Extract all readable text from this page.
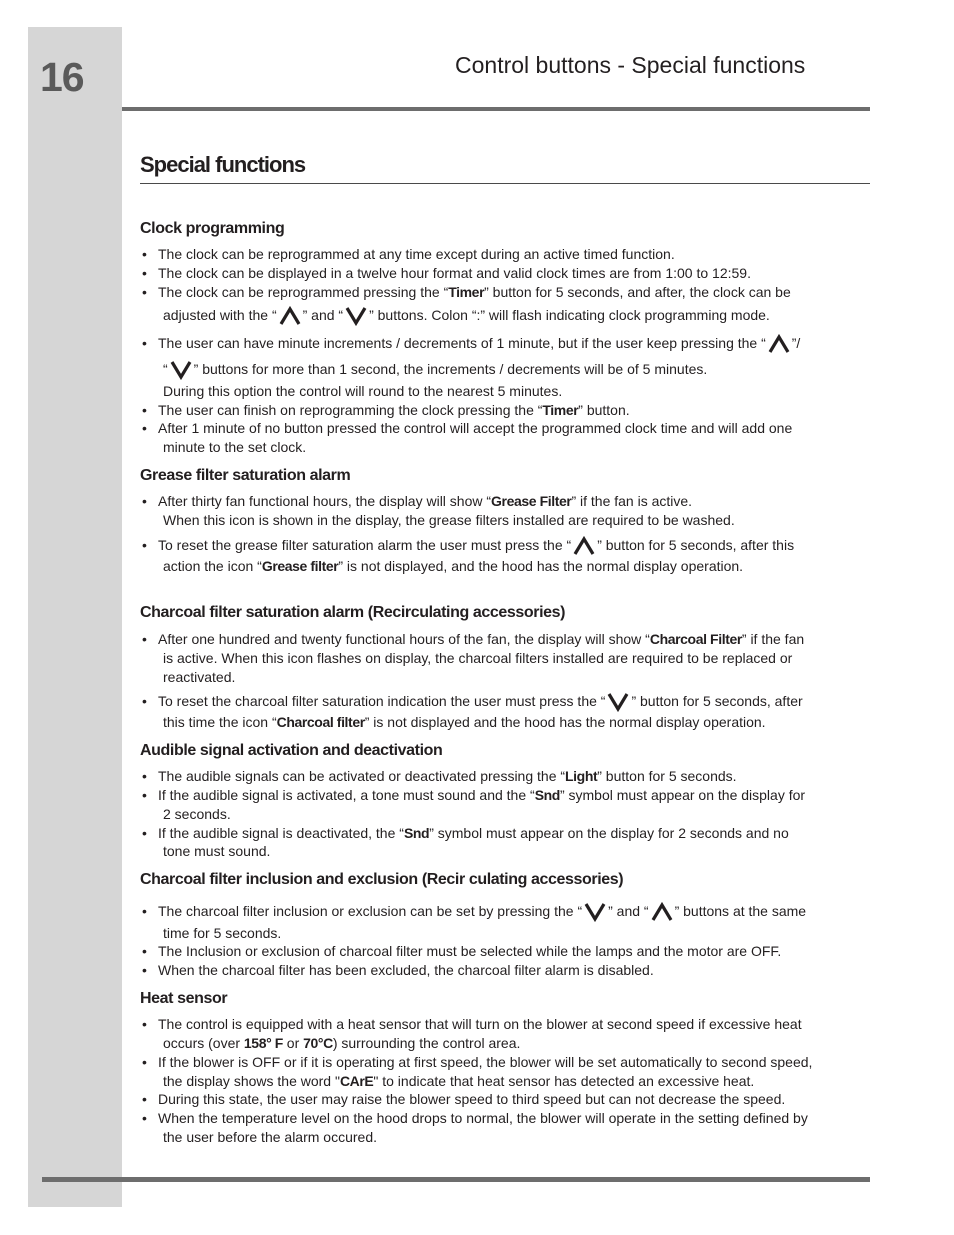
16	Control buttons - Special functions
Special functions
Clock programming
• The clock can be reprogrammed at any time except during an active timed function.
• The clock can be displayed in a twelve hour format and valid clock times are from 1:00 to 12:59.
• The clock can be reprogrammed pressing the “Timer” button for 5 seconds, and after, the clock can be
adjusted with the “ ” and “ ” buttons. Colon “:” will flash indicating clock programming mode.
• The user can have minute increments / decrements of 1 minute, but if the user keep pressing the “ ”/
“ ” buttons for more than 1 second, the increments / decrements will be of 5 minutes.
During this option the control will round to the nearest 5 minutes.
• The user can finish on reprogramming the clock pressing the “Timer” button.
• After 1 minute of no button pressed the control will accept the programmed clock time and will add one
minute to the set clock.
Grease filter saturation alarm
• After thirty fan functional hours, the display will show “Grease Filter” if the fan is active.
When this icon is shown in the display, the grease filters installed are required to be washed.
• To reset the grease filter saturation alarm the user must press the “ ” button for 5 seconds, after this
action the icon “Grease filter” is not displayed, and the hood has the normal display operation.
Charcoal filter saturation alarm (Recirculating accessories)
• After one hundred and twenty functional hours of the fan, the display will show “Charcoal Filter” if the fan
is active. When this icon flashes on display, the charcoal filters installed are required to be replaced or
reactivated.
• To reset the charcoal filter saturation indication the user must press the “ ” button for 5 seconds, after
this time the icon “Charcoal filter” is not displayed and the hood has the normal display operation.
Audible signal activation and deactivation
• The audible signals can be activated or deactivated pressing the “Light” button for 5 seconds.
• If the audible signal is activated, a tone must sound and the “Snd” symbol must appear on the display for
2 seconds.
• If the audible signal is deactivated, the “Snd” symbol must appear on the display for 2 seconds and no
tone must sound.
Charcoal filter inclusion and exclusion (Recir culating accessories)
• The charcoal filter inclusion or exclusion can be set by pressing the “ ” and “ ” buttons at the same
time for 5 seconds.
• The Inclusion or exclusion of charcoal filter must be selected while the lamps and the motor are OFF.
• When the charcoal filter has been excluded, the charcoal filter alarm is disabled.
Heat sensor
• The control is equipped with a heat sensor that will turn on the blower at second speed if excessive heat
occurs (over 158° F or 70°C) surrounding the control area.
• If the blower is OFF or if it is operating at first speed, the blower will be set automatically to second speed,
the display shows the word "CArE" to indicate that heat sensor has detected an excessive heat.
• During this state, the user may raise the blower speed to third speed but can not decrease the speed.
• When the temperature level on the hood drops to normal, the blower will operate in the setting defined by
the user before the alarm occured.
